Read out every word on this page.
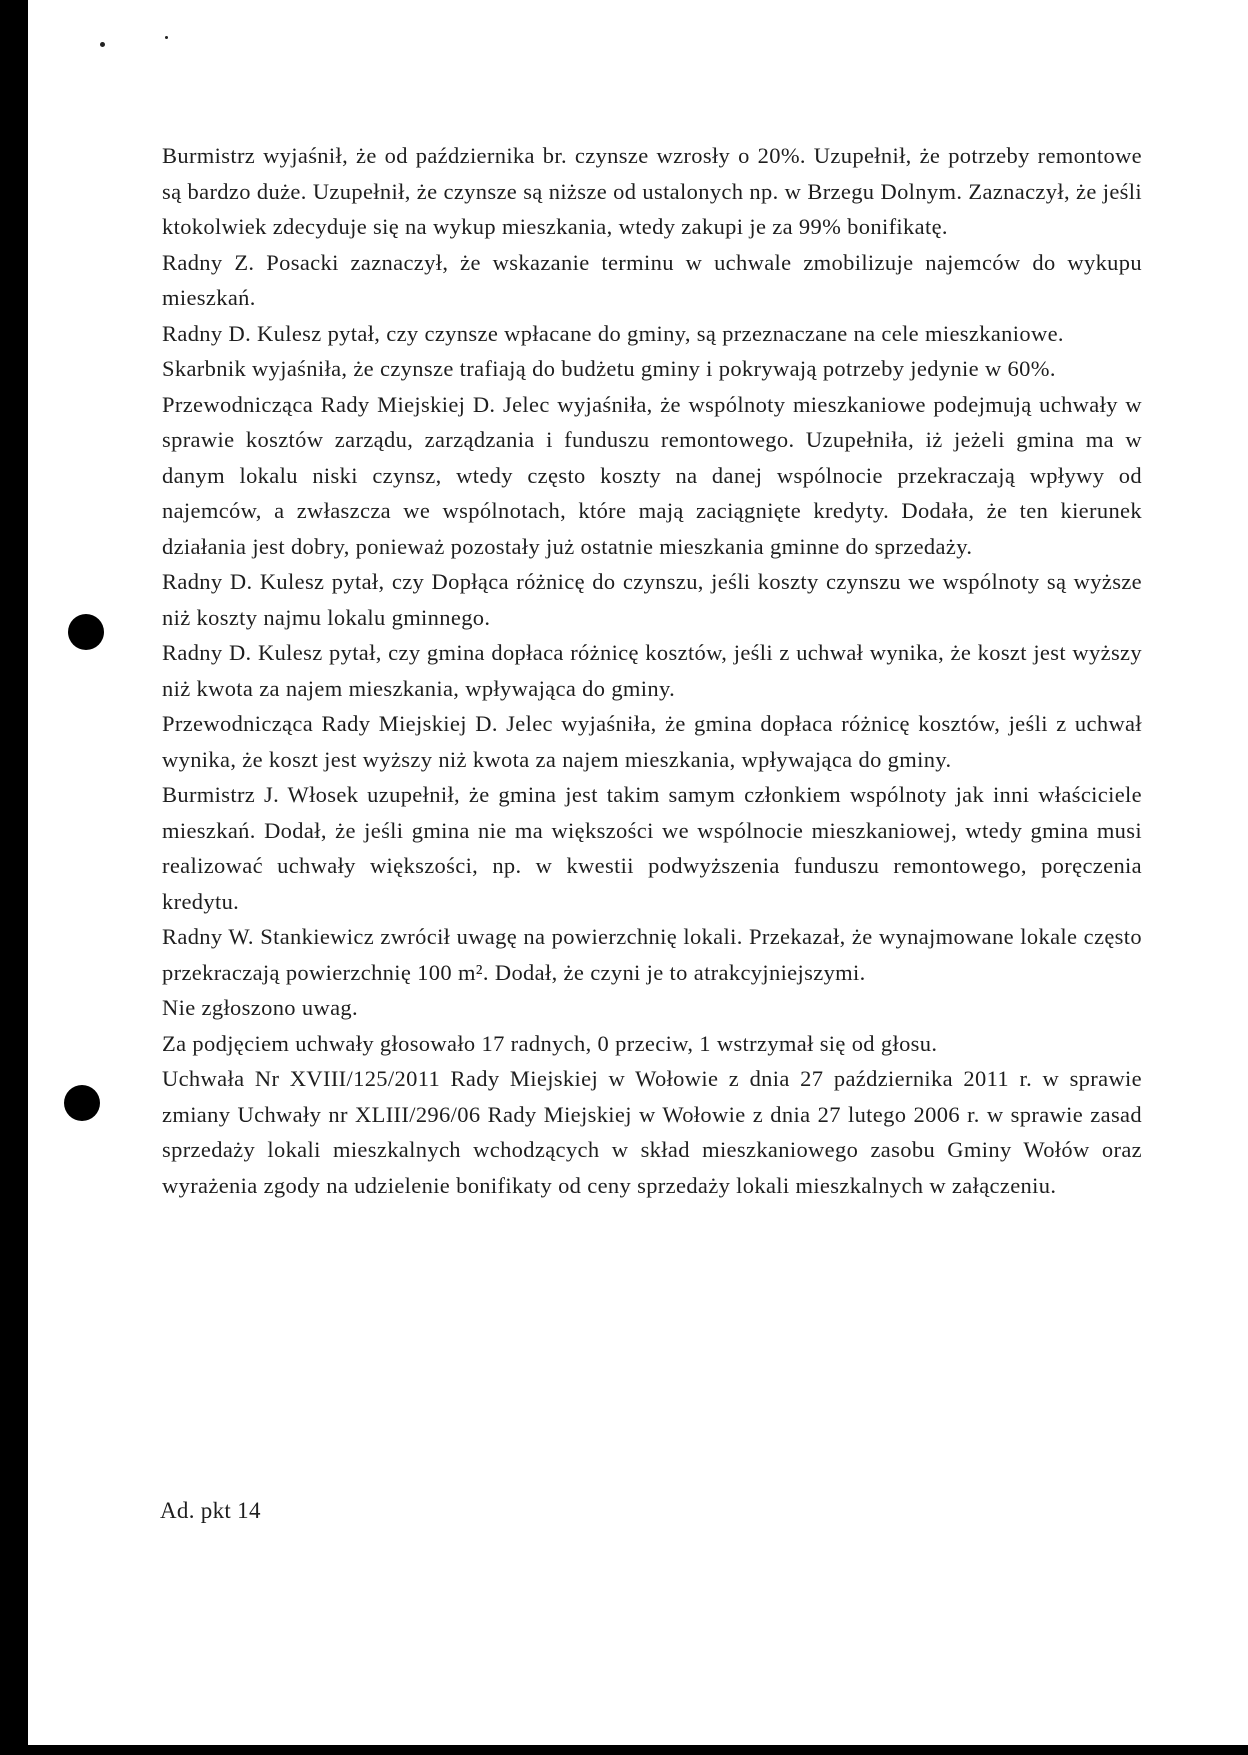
Burmistrz wyjaśnił, że od października br. czynsze wzrosły o 20%. Uzupełnił, że potrzeby remontowe są bardzo duże. Uzupełnił, że czynsze są niższe od ustalonych np. w Brzegu Dolnym. Zaznaczył, że jeśli ktokolwiek zdecyduje się na wykup mieszkania, wtedy zakupi je za 99% bonifikatę.

Radny Z. Posacki zaznaczył, że wskazanie terminu w uchwale zmobilizuje najemców do wykupu mieszkań.

Radny D. Kulesz pytał, czy czynsze wpłacane do gminy, są przeznaczane na cele mieszkaniowe.

Skarbnik wyjaśniła, że czynsze trafiają do budżetu gminy i pokrywają potrzeby jedynie w 60%.

Przewodnicząca Rady Miejskiej D. Jelec wyjaśniła, że wspólnoty mieszkaniowe podejmują uchwały w sprawie kosztów zarządu, zarządzania i funduszu remontowego. Uzupełniła, iż jeżeli gmina ma w danym lokalu niski czynsz, wtedy często koszty na danej wspólnocie przekraczają wpływy od najemców, a zwłaszcza we wspólnotach, które mają zaciągnięte kredyty. Dodała, że ten kierunek działania jest dobry, ponieważ pozostały już ostatnie mieszkania gminne do sprzedaży.

Radny D. Kulesz pytał, czy Dopłąca różnicę do czynszu, jeśli koszty czynszu we wspólnoty są wyższe niż koszty najmu lokalu gminnego.

Radny D. Kulesz pytał, czy gmina dopłaca różnicę kosztów, jeśli z uchwał wynika, że koszt jest wyższy niż kwota za najem mieszkania, wpływająca do gminy.

Przewodnicząca Rady Miejskiej D. Jelec wyjaśniła, że gmina dopłaca różnicę kosztów, jeśli z uchwał wynika, że koszt jest wyższy niż kwota za najem mieszkania, wpływająca do gminy.

Burmistrz J. Włosek uzupełnił, że gmina jest takim samym członkiem wspólnoty jak inni właściciele mieszkań. Dodał, że jeśli gmina nie ma większości we wspólnocie mieszkaniowej, wtedy gmina musi realizować uchwały większości, np. w kwestii podwyższenia funduszu remontowego, poręczenia kredytu.

Radny W. Stankiewicz zwrócił uwagę na powierzchnię lokali. Przekazał, że wynajmowane lokale często przekraczają powierzchnię 100 m². Dodał, że czyni je to atrakcyjniejszymi.

Nie zgłoszono uwag.

Za podjęciem uchwały głosowało 17 radnych, 0 przeciw, 1 wstrzymał się od głosu.

Uchwała Nr XVIII/125/2011 Rady Miejskiej w Wołowie z dnia 27 października 2011 r. w sprawie zmiany Uchwały nr XLIII/296/06 Rady Miejskiej w Wołowie z dnia 27 lutego 2006 r. w sprawie zasad sprzedaży lokali mieszkalnych wchodzących w skład mieszkaniowego zasobu Gminy Wołów oraz wyrażenia zgody na udzielenie bonifikaty od ceny sprzedaży lokali mieszkalnych w załączeniu.

Ad. pkt 14
